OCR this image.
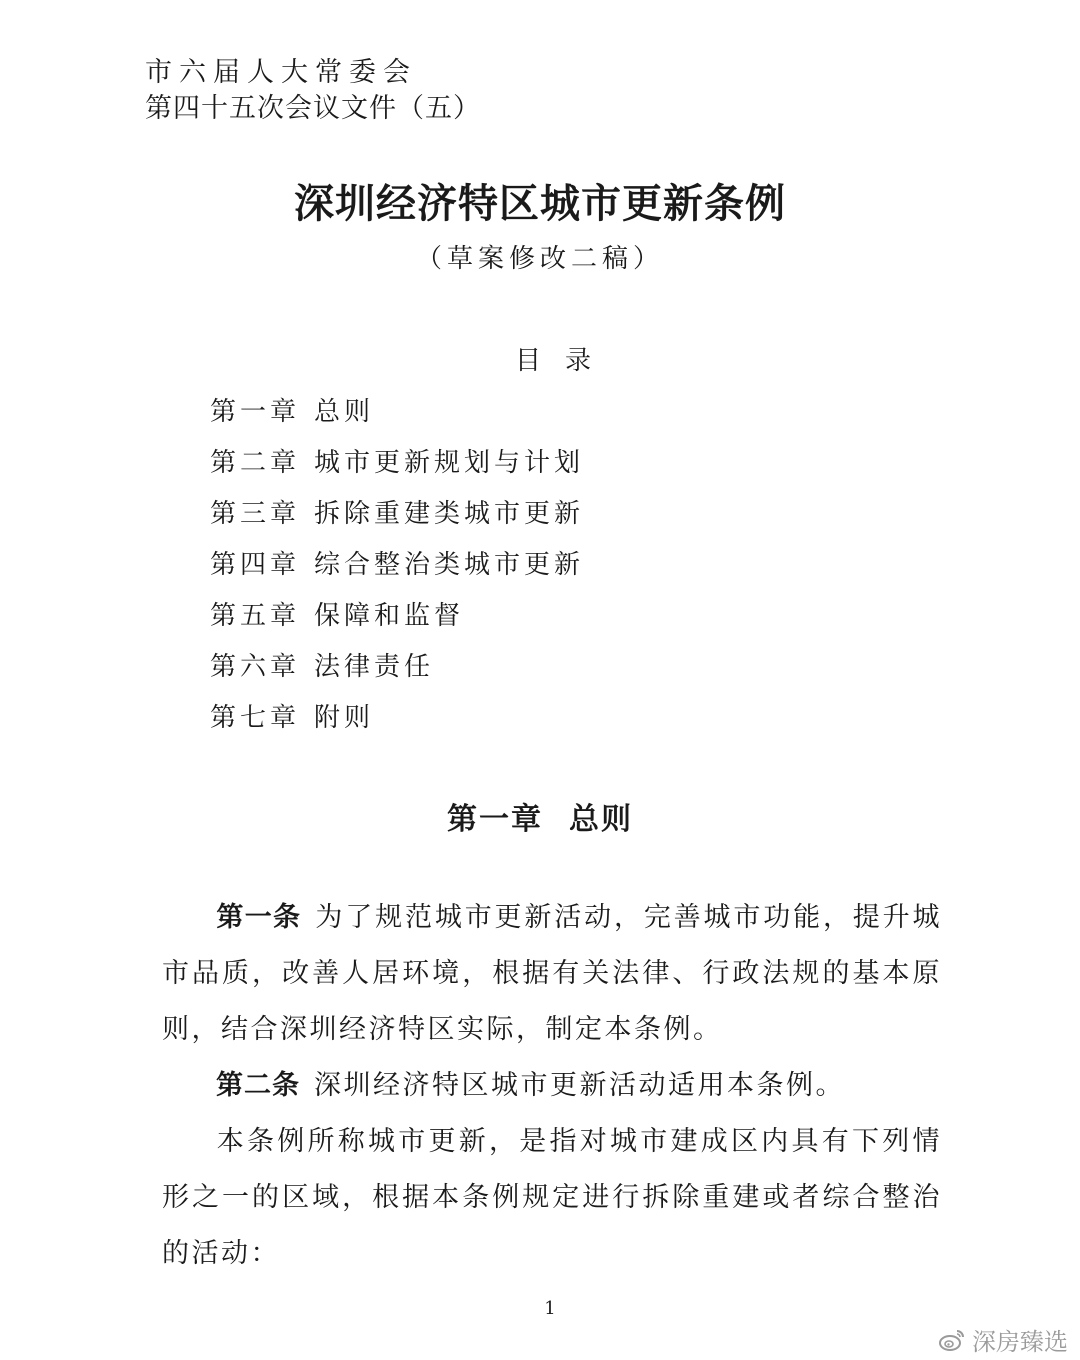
市六届人大常委会
第四十五次会议文件（五）
深圳经济特区城市更新条例
（草案修改二稿）
目录
第一章 总则
第二章 城市更新规划与计划
第三章 拆除重建类城市更新
第四章 综合整治类城市更新
第五章 保障和监督
第六章 法律责任
第七章 附则
第一章 总则

第一条 为了规范城市更新活动，完善城市功能，提升城市品质，改善人居环境，根据有关法律、行政法规的基本原则，结合深圳经济特区实际，制定本条例。

第二条 深圳经济特区城市更新活动适用本条例。

本条例所称城市更新，是指对城市建成区内具有下列情形之一的区域，根据本条例规定进行拆除重建或者综合整治的活动：

1
深房臻选
